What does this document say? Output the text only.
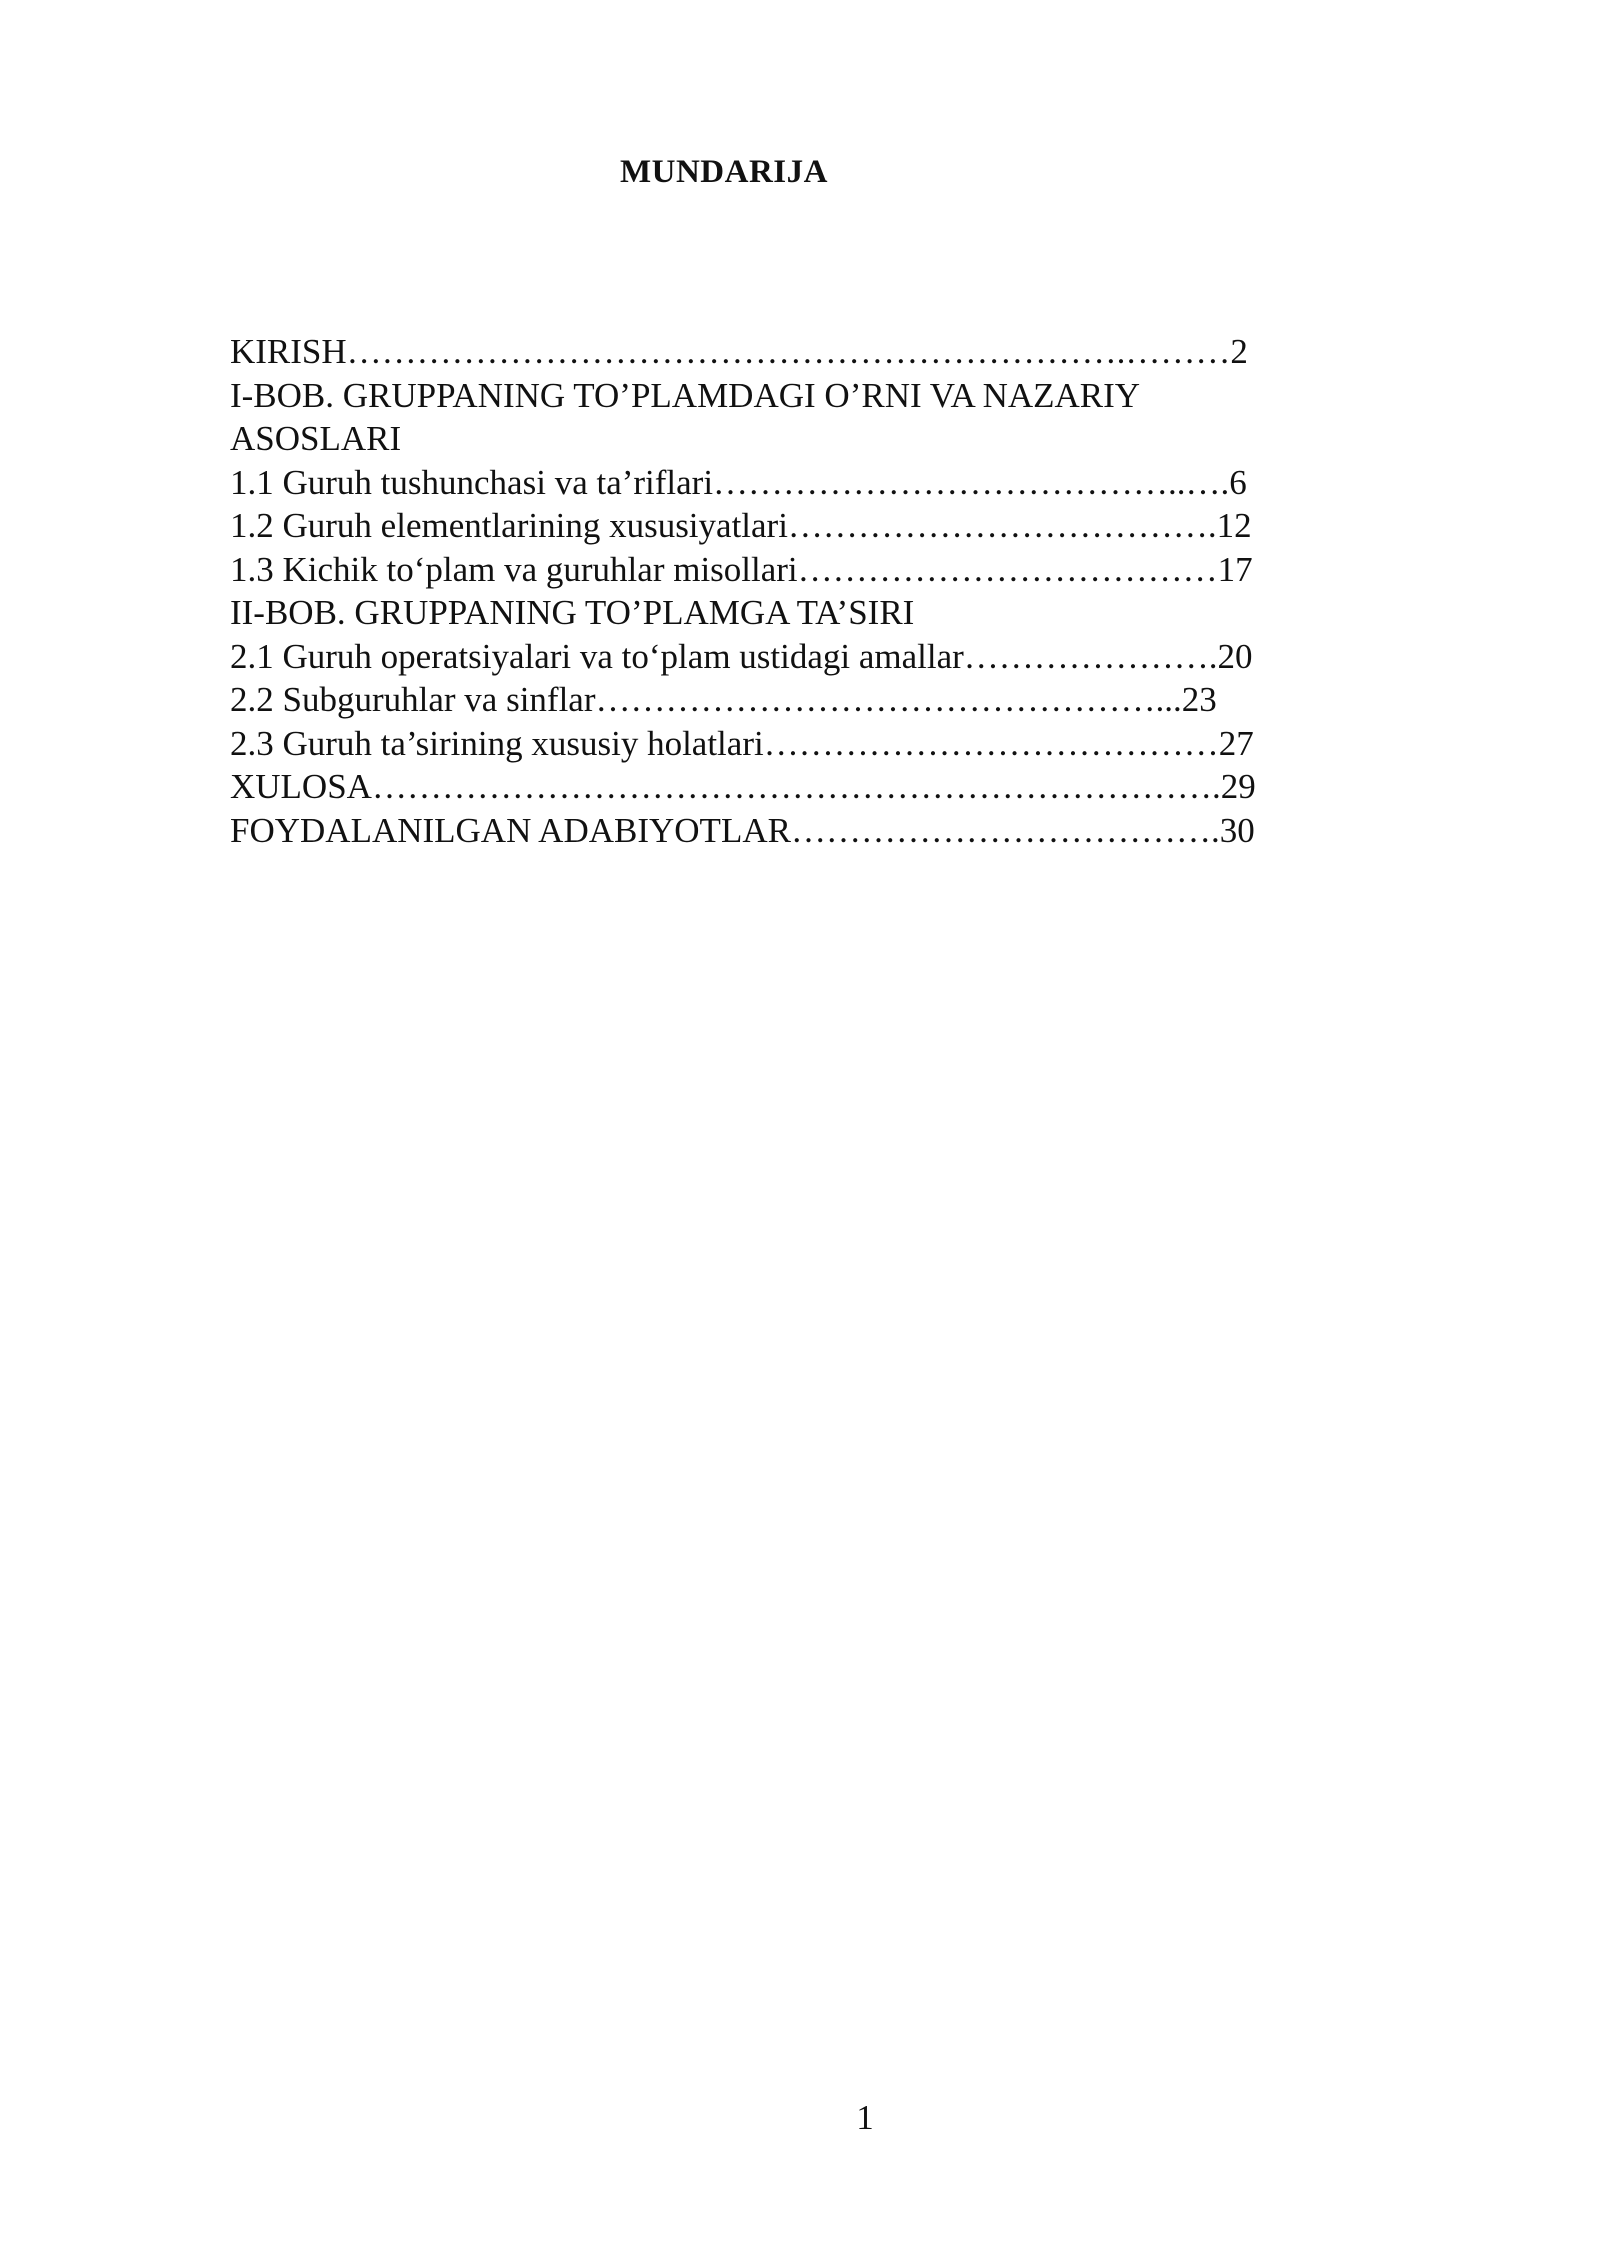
MUNDARIJA
KIRISH………………………………………………………….………2
I-BOB. GRUPPANING TO’PLAMDAGI O’RNI VA NAZARIY
ASOSLARI
1.1 Guruh tushunchasi va ta’riflari…………………………………..….6
1.2 Guruh elementlarining xususiyatlari……………………………….12
1.3 Kichik to‘plam va guruhlar misollari………………………………17
II-BOB. GRUPPANING TO’PLAMGA TA’SIRI
2.1 Guruh operatsiyalari va to‘plam ustidagi amallar………………….20
2.2 Subguruhlar va sinflar…………………………………………...23
2.3 Guruh ta’sirining xususiy holatlari…………………………………27
XULOSA……………………………………………………………….29
FOYDALANILGAN ADABIYOTLAR……………………………….30
1
